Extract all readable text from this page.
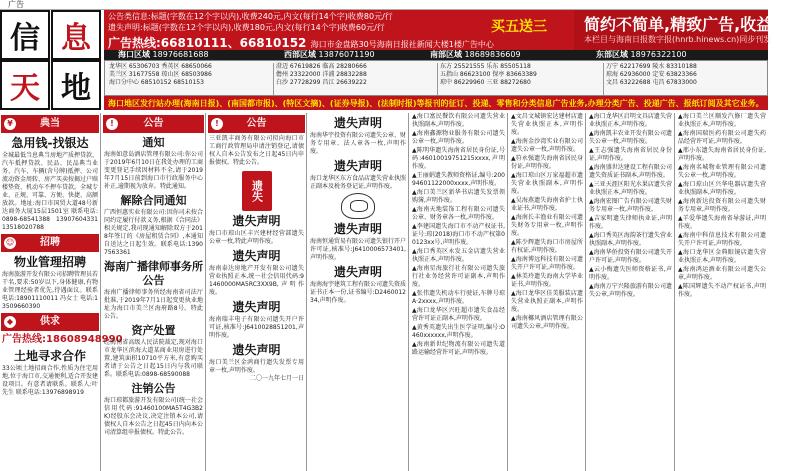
广告
信 息
天 地
公告类信息:标题(字数在12个字以内),收费240元,内文(每行14个字)收费80元/行
遗失声明:标题(字数在12个字以内),收费180元,内文(每行14个字)收费60元/行
广告热线:66810111、66810152 海口市金盘路30号海南日报社新闻大楼1楼广告中心
买五送三 简约不简单,精致广告,收益无限
本栏目与海南日报数字报(hnrb.hinews.cn)同步刊发
海口区域 18976681688	西部区域 13876071190	南部区域 18689836609	东部区域 18976322100
龙华区 65306703 秀英区 68650066
美兰区 31677558 琼山区 68503986
海口分中心 68510152 68510153
澄迈 67619826 临高 28280666
儋州 23322000 洋浦 28832288
白沙 27728299 昌江 26639222
东方 25521555 乐东 85505118
五指山 86623100 保亭 83663389
琼中 86229960 三亚 88272680
万宁 62217699 陵水 83310188
琼海 62936000 定安 63823366
文昌 63222688 屯昌 67833000
海口地区发行站办理(海南日报)、(南国都市报)、(特区文摘)、(证券导报)、(法制时报)等报刊的征订、投递、零售和分类信息广告业务,办理分类广告、投递广告、报纸订阅及其它业务。
¥	典当
急用钱-找银达
全城最低当息典当房地产质押贷款、汽车抵押贷款、民品、民品典当业务、汽车、车辆(含号牌)抵押、公司流动资金周转、房产买卖按揭过户赎楼垫资、机动车不押车贷款。全城专业、正规、可靠、方便、快捷、高额放款。地址:海口市国贸大道48号新达商务大厦15层1501室 联系电话:0898-68541388 13907604331 13518020788
☺	招聘
物业管理招聘
海南旅游开发有限公司招聘管理员若干名,要求:50岁以下,身体健康,有物业管理经验者优先,待遇面议。联系电话:18901110011 冯女士 电话:13509660390
◆	供求
广告热线:18608948990
土地寻求合作
33公顷土地招商合作,性质为住宅用地,位于海口市,交通便利,适合开发建设项目。有意者请联系。联系人:叶先生 联系电话:13976898919
!	公告
通知
海南如意岛酒店管理有限公司:你公司于2019年6月10日在我处办理的工商变更登记手续因材料不全,请于2019年7月15日前到海口市行政服务中心补正,逾期视为放弃。特此通知。
解除合同通知
广西恒惠实业有限公司:因你司未按合同约定履行付款义务,根据《合同法》相关规定,我司现通知解除双方于2018年签订的《房屋租赁合同》,本通知自送达之日起生效。联系电话:13907563361
海南广播律师事务所公告
海南广播律师事务所经海南省司法厅批准,于2019年7月1日起变更执业地址为海口市美兰区海府路8号。特此公告。
资产处置
经海南省高级人民法院裁定,现对海口市龙华区滨海大道某商业用房进行处置,建筑面积10710平方米,有意购买者请于公告之日起15日内与我司联系。联系电话:0898-68590088
注销公告
海口琼都旅游开发有限公司(统一社会信用代码:91460100MA5T4G3B2K)经股东会决议,决定注销本公司,请债权人自本公告之日起45日内向本公司清算组申报债权。特此公告。
!	公告
三亚凯丰商务有限公司拟向海口市工商行政管理局申请注销登记,请债权人自本公告发布之日起45日内申报债权。特此公告。
遗失
遗失声明
海口市琼山区丰兴建材经营部遗失公章一枚,特此声明作废。
遗失声明
海南泰达房地产开发有限公司遗失营业执照正本,统一社会信用代码:91460000MA5RC3XX9B,声明作废。
遗失声明
海南瑞丰电子有限公司遗失开户许可证,核准号:J6410028851201,声明作废。
遗失声明
海口美兰区金鸿商行遗失发票专用章一枚,声明作废。
二〇一九年七月一日
遗失声明
海南华宇投资有限公司遗失公章、财务专用章、法人章各一枚,声明作废。
遗失声明
海口龙华区东方食品店遗失营业执照正副本及税务登记证,声明作废。
遗失声明
海南恒通贸易有限公司遗失银行开户许可证,核准号:J6410006573401,声明作废。
遗失声明
海南海宇建筑工程有限公司遗失资质证书正本一份,证书编号:D246001234,声明作废。
▲海口富民餐饮有限公司遗失营业执照副本,声明作废。
▲海南鑫源物业服务有限公司遗失公章一枚,声明作废。
▲陈明华遗失海南省居民身份证,号码:46010019751215xxxx,声明作废。
▲王丽娟遗失教师资格证,编号:20094601122000xxxx,声明作废。
▲海口美兰区新华书店遗失发票领购簿,声明作废。
▲海南天地装饰工程有限公司遗失公章、财务章各一枚,声明作废。
▲李建国遗失海口市不动产权证书,证号:琼(2018)海口市不动产权第00123xx号,声明作废。
▲海口秀英区永发五金店遗失营业执照正本,声明作废。
▲海南星海旅行社有限公司遗失旅行社业务经营许可证副本,声明作废。
▲张伟遗失机动车行驶证,车牌号琼A·2xxxx,声明作废。
▲海口龙华区兴旺超市遗失食品经营许可证正副本,声明作废。
▲黄秀英遗失出生医学证明,编号:O460xxxxxx,声明作废。
▲海南新世纪物流有限公司遗失道路运输经营许可证,声明作废。
▲文昌文城镇宏达建材店遗失营业执照正本,声明作废。
▲海南金沙湾实业有限公司遗失公章一枚,声明作废。
▲符永强遗失海南省居民身份证,声明作废。
▲海口琼山区万家福超市遗失营业执照副本,声明作废。
▲吴海燕遗失海南省护士执业证书,声明作废。
▲海南长丰渔业有限公司遗失财务专用章一枚,声明作废。
▲陈少辉遗失海口市房屋所有权证,声明作废。
▲海南博远科技有限公司遗失开户许可证,声明作废。
▲林美玲遗失海南大学毕业证书,声明作废。
▲海口龙华区佳美服装店遗失营业执照正副本,声明作废。
▲海南椰风酒店管理有限公司遗失公章,声明作废。
▲海口龙华区启明文具店遗失营业执照正本,声明作废。
▲海南凯丰农业开发有限公司遗失公章一枚,声明作废。
▲王志强遗失海南省居民身份证,声明作废。
▲海南盛世达建设工程有限公司遗失资质证书副本,声明作废。
▲三亚天涯区阳光水果店遗失营业执照正本,声明作废。
▲海南宏图广告有限公司遗失财务专用章一枚,声明作废。
▲吉家明遗失律师执业证,声明作废。
▲海口秀英区海韵茶行遗失营业执照副本,声明作废。
▲海南华侨投资有限公司遗失开户许可证,声明作废。
▲云小梅遗失医师资格证书,声明作废。
▲海南万宁兴隆旅游有限公司遗失公章,声明作废。
▲海口美兰区顺发汽修厂遗失营业执照正本,声明作废。
▲海南国瑞医药有限公司遗失药品经营许可证,声明作废。
▲邢小东遗失海南省居民身份证,声明作废。
▲海南名城物业管理有限公司遗失公章一枚,声明作废。
▲海口琼山区兴华电器店遗失营业执照副本,声明作废。
▲海南新达投资有限公司遗失财务专用章,声明作废。
▲羊爱华遗失海南省导游证,声明作废。
▲海南中科信息技术有限公司遗失开户许可证,声明作废。
▲海口龙华区金典眼镜店遗失营业执照正本,声明作废。
▲海南鸿运酒业有限公司遗失公章,声明作废。
▲陈国辉遗失不动产权证书,声明作废。
